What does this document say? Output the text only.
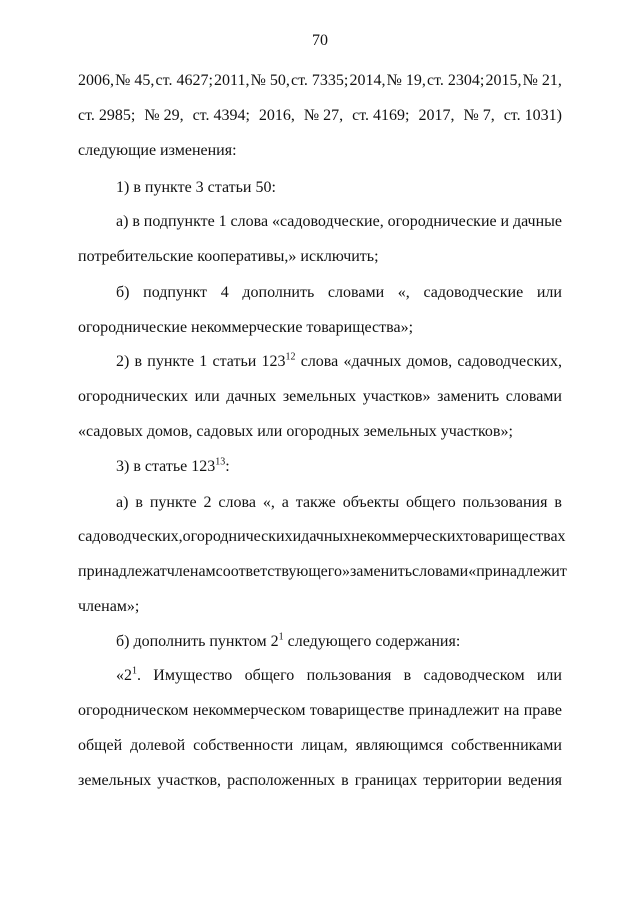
70
2006, № 45, ст. 4627; 2011, № 50, ст. 7335; 2014, № 19, ст. 2304; 2015, № 21,
ст. 2985; № 29, ст. 4394; 2016, № 27, ст. 4169; 2017, № 7, ст. 1031)
следующие изменения:
1) в пункте 3 статьи 50:
а) в подпункте 1 слова «садоводческие, огороднические и дачные
потребительские кооперативы,» исключить;
б) подпункт 4 дополнить словами «, садоводческие или
огороднические некоммерческие товарищества»;
2) в пункте 1 статьи $123^{12}$ слова «дачных домов, садоводческих,
огороднических или дачных земельных участков» заменить словами
«садовых домов, садовых или огородных земельных участков»;
3) в статье $123^{13}$:
а) в пункте 2 слова «, а также объекты общего пользования в
садоводческих, огороднических и дачных некоммерческих товариществах
принадлежат членам соответствующего» заменить словами «принадлежит
членам»;
б) дополнить пунктом $2^1$ следующего содержания:
«$2^1$. Имущество общего пользования в садоводческом или
огородническом некоммерческом товариществе принадлежит на праве
общей долевой собственности лицам, являющимся собственниками
земельных участков, расположенных в границах территории ведения
